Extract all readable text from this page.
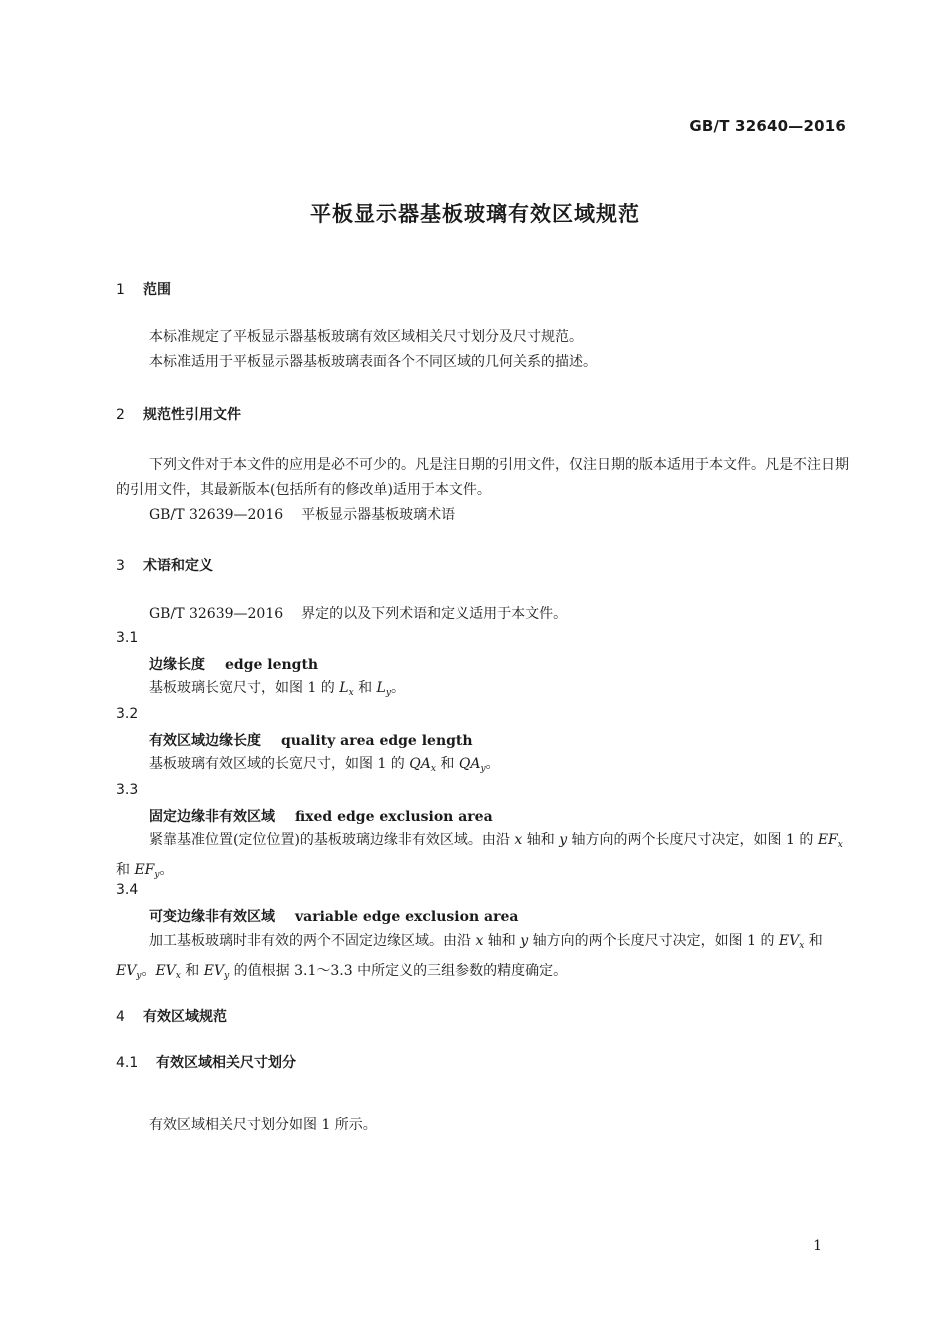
GB/T 32640—2016
平板显示器基板玻璃有效区域规范
1 范围
本标准规定了平板显示器基板玻璃有效区域相关尺寸划分及尺寸规范。
本标准适用于平板显示器基板玻璃表面各个不同区域的几何关系的描述。
2 规范性引用文件
下列文件对于本文件的应用是必不可少的。凡是注日期的引用文件，仅注日期的版本适用于本文件。凡是不注日期的引用文件，其最新版本(包括所有的修改单)适用于本文件。
GB/T 32639—2016 平板显示器基板玻璃术语
3 术语和定义
GB/T 32639—2016 界定的以及下列术语和定义适用于本文件。
3.1
边缘长度 edge length
基板玻璃长宽尺寸，如图 1 的 $L_x$ 和 $L_y$。
3.2
有效区域边缘长度 quality area edge length
基板玻璃有效区域的长宽尺寸，如图 1 的 $QA_x$ 和 $QA_y$。
3.3
固定边缘非有效区域 fixed edge exclusion area
紧靠基准位置(定位位置)的基板玻璃边缘非有效区域。由沿 x 轴和 y 轴方向的两个长度尺寸决定，如图 1 的 $EF_x$ 和 $EF_y$。
3.4
可变边缘非有效区域 variable edge exclusion area
加工基板玻璃时非有效的两个不固定边缘区域。由沿 x 轴和 y 轴方向的两个长度尺寸决定，如图 1 的 $EV_x$ 和 $EV_y$。$EV_x$ 和 $EV_y$ 的值根据 3.1～3.3 中所定义的三组参数的精度确定。
4 有效区域规范
4.1 有效区域相关尺寸划分
有效区域相关尺寸划分如图 1 所示。
1
